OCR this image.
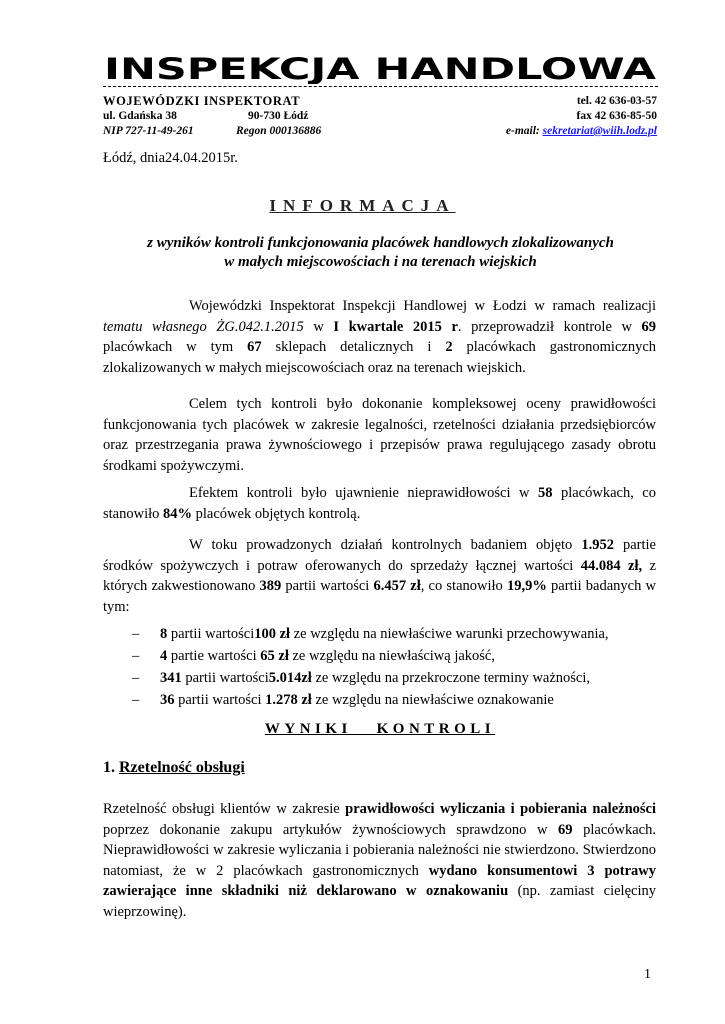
INSPEKCJA HANDLOWA
WOJEWÓDZKI INSPEKTORAT
ul. Gdańska 38	90-730 Łódź
NIP 727-11-49-261	Regon 000136886
tel. 42 636-03-57
fax 42 636-85-50
e-mail: sekretariat@wiih.lodz.pl
Łódź, dnia24.04.2015r.
INFORMACJA
z wyników kontroli funkcjonowania placówek handlowych zlokalizowanych
w małych miejscowościach i na terenach wiejskich
Wojewódzki Inspektorat Inspekcji Handlowej w Łodzi w ramach realizacji tematu własnego ŻG.042.1.2015 w I kwartale 2015 r. przeprowadził kontrole w 69 placówkach w tym 67 sklepach detalicznych i 2 placówkach gastronomicznych zlokalizowanych w małych miejscowościach oraz na terenach wiejskich.
Celem tych kontroli było dokonanie kompleksowej oceny prawidłowości funkcjonowania tych placówek w zakresie legalności, rzetelności działania przedsiębiorców oraz przestrzegania prawa żywnościowego i przepisów prawa regulującego zasady obrotu środkami spożywczymi.
Efektem kontroli było ujawnienie nieprawidłowości w 58 placówkach, co stanowiło 84% placówek objętych kontrolą.
W toku prowadzonych działań kontrolnych badaniem objęto 1.952 partie środków spożywczych i potraw oferowanych do sprzedaży łącznej wartości 44.084 zł, z których zakwestionowano 389 partii wartości 6.457 zł, co stanowiło 19,9% partii badanych w tym:
– 8 partii wartości100 zł ze względu na niewłaściwe warunki przechowywania,
– 4 partie wartości 65 zł ze względu na niewłaściwą jakość,
– 341 partii wartości5.014zł ze względu na przekroczone terminy ważności,
– 36 partii wartości 1.278 zł ze względu na niewłaściwe oznakowanie
WYNIKI   KONTROLI
1. Rzetelność obsługi
Rzetelność obsługi klientów w zakresie prawidłowości wyliczania i pobierania należności poprzez dokonanie zakupu artykułów żywnościowych sprawdzono w 69 placówkach. Nieprawidłowości w zakresie wyliczania i pobierania należności nie stwierdzono. Stwierdzono natomiast, że w 2 placówkach gastronomicznych wydano konsumentowi 3 potrawy zawierające inne składniki niż deklarowano w oznakowaniu (np. zamiast cielęciny wieprzowinę).
1
